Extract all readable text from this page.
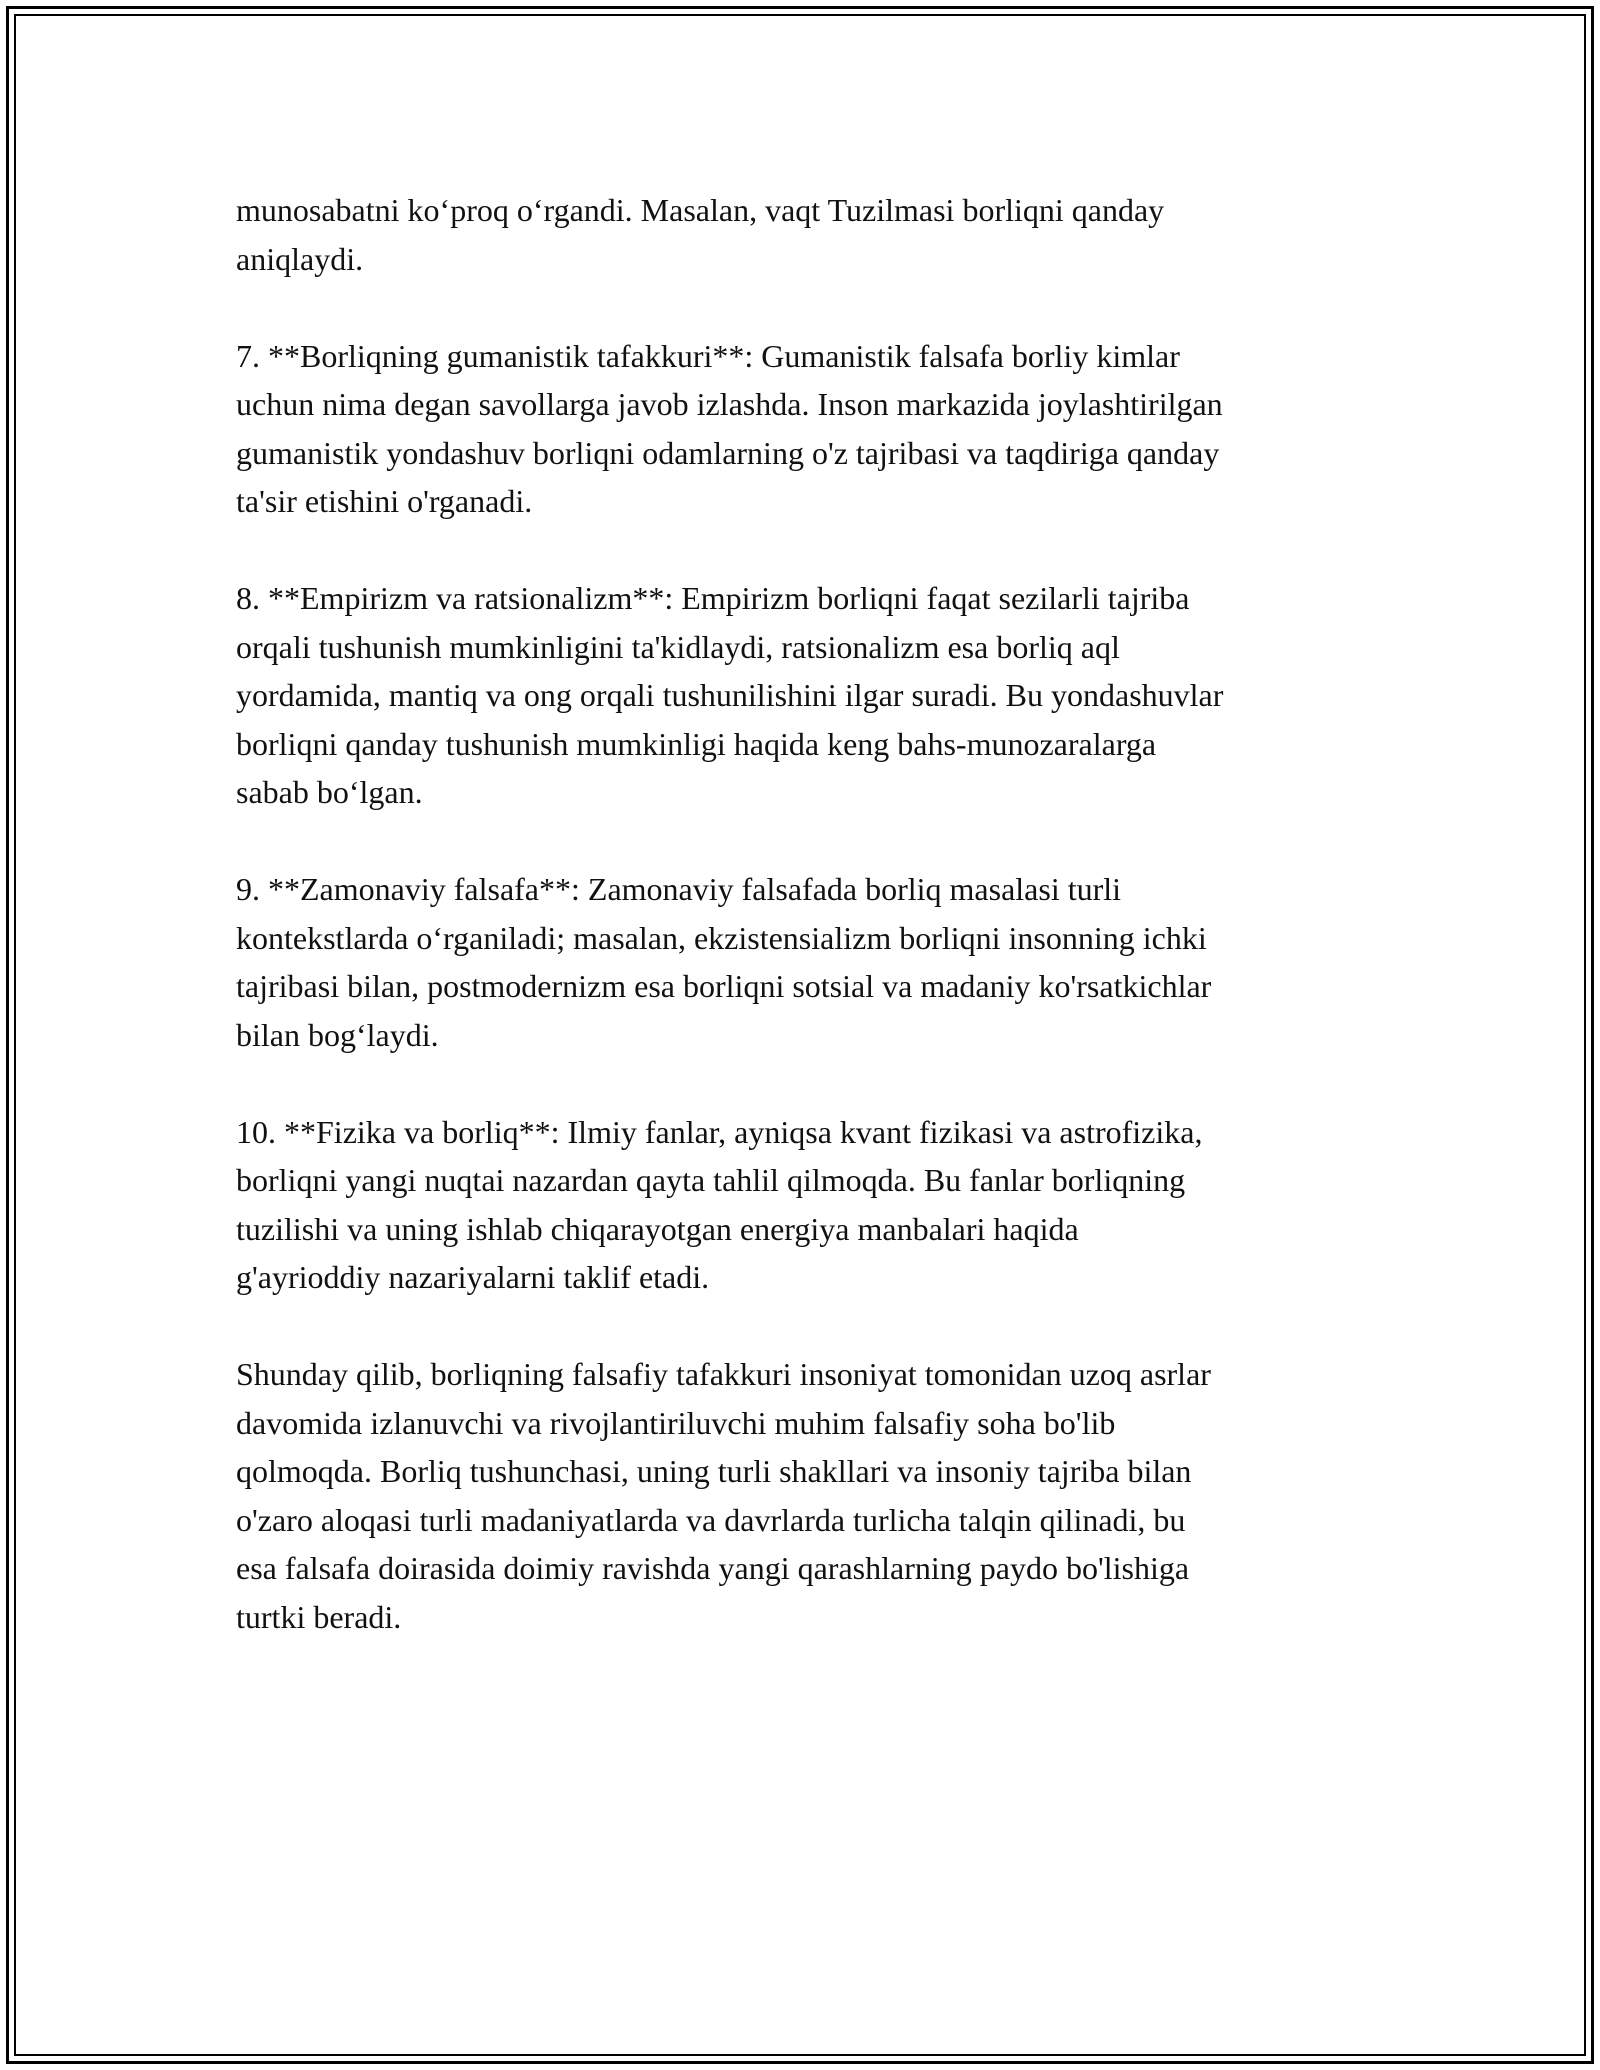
munosabatni ko‘proq o‘rgandi. Masalan, vaqt Tuzilmasi borliqni qanday
aniqlaydi.

7. **Borliqning gumanistik tafakkuri**: Gumanistik falsafa borliy kimlar
uchun nima degan savollarga javob izlashda. Inson markazida joylashtirilgan
gumanistik yondashuv borliqni odamlarning o'z tajribasi va taqdiriga qanday
ta'sir etishini o'rganadi.

8. **Empirizm va ratsionalizm**: Empirizm borliqni faqat sezilarli tajriba
orqali tushunish mumkinligini ta'kidlaydi, ratsionalizm esa borliq aql
yordamida, mantiq va ong orqali tushunilishini ilgar suradi. Bu yondashuvlar
borliqni qanday tushunish mumkinligi haqida keng bahs-munozaralarga
sabab bo‘lgan.

9. **Zamonaviy falsafa**: Zamonaviy falsafada borliq masalasi turli
kontekstlarda o‘rganiladi; masalan, ekzistensializm borliqni insonning ichki
tajribasi bilan, postmodernizm esa borliqni sotsial va madaniy ko'rsatkichlar
bilan bog‘laydi.

10. **Fizika va borliq**: Ilmiy fanlar, ayniqsa kvant fizikasi va astrofizika,
borliqni yangi nuqtai nazardan qayta tahlil qilmoqda. Bu fanlar borliqning
tuzilishi va uning ishlab chiqarayotgan energiya manbalari haqida
g'ayrioddiy nazariyalarni taklif etadi.

Shunday qilib, borliqning falsafiy tafakkuri insoniyat tomonidan uzoq asrlar
davomida izlanuvchi va rivojlantiriluvchi muhim falsafiy soha bo'lib
qolmoqda. Borliq tushunchasi, uning turli shakllari va insoniy tajriba bilan
o'zaro aloqasi turli madaniyatlarda va davrlarda turlicha talqin qilinadi, bu
esa falsafa doirasida doimiy ravishda yangi qarashlarning paydo bo'lishiga
turtki beradi.
